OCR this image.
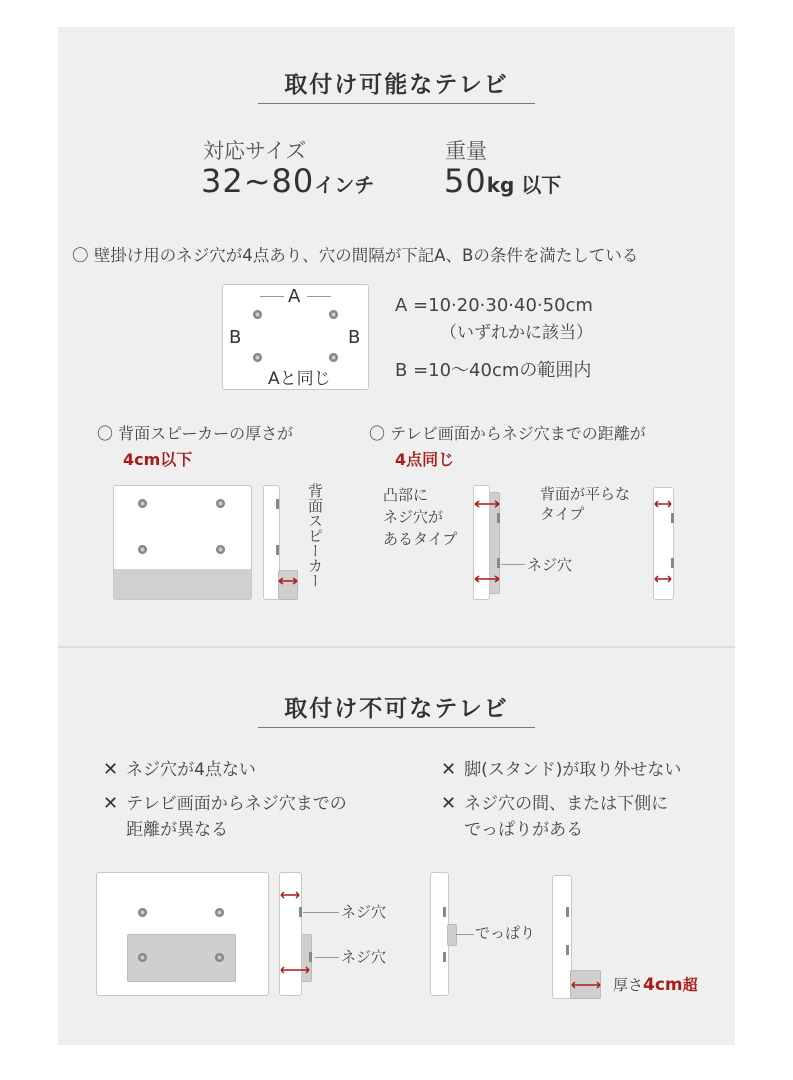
取付け可能なテレビ
対応サイズ
32~80インチ
重量
50kg 以下
〇 壁掛け用のネジ穴が4点あり、穴の間隔が下記A、Bの条件を満たしている
A
B	B
Aと同じ
A =10·20·30·40·50cm
（いずれかに該当）
B =10〜40cmの範囲内
〇 背面スピーカーの厚さが
4cm以下
背面スピーカー
〇 テレビ画面からネジ穴までの距離が
4点同じ
凸部に
ネジ穴が
あるタイプ
ネジ穴
背面が平らな
タイプ
取付け不可なテレビ
✕ ネジ穴が4点ない	✕ 脚(スタンド)が取り外せない
✕ テレビ画面からネジ穴までの
距離が異なる
✕ ネジ穴の間、または下側に
でっぱりがある
ネジ穴
ネジ穴
でっぱり
厚さ4cm超
